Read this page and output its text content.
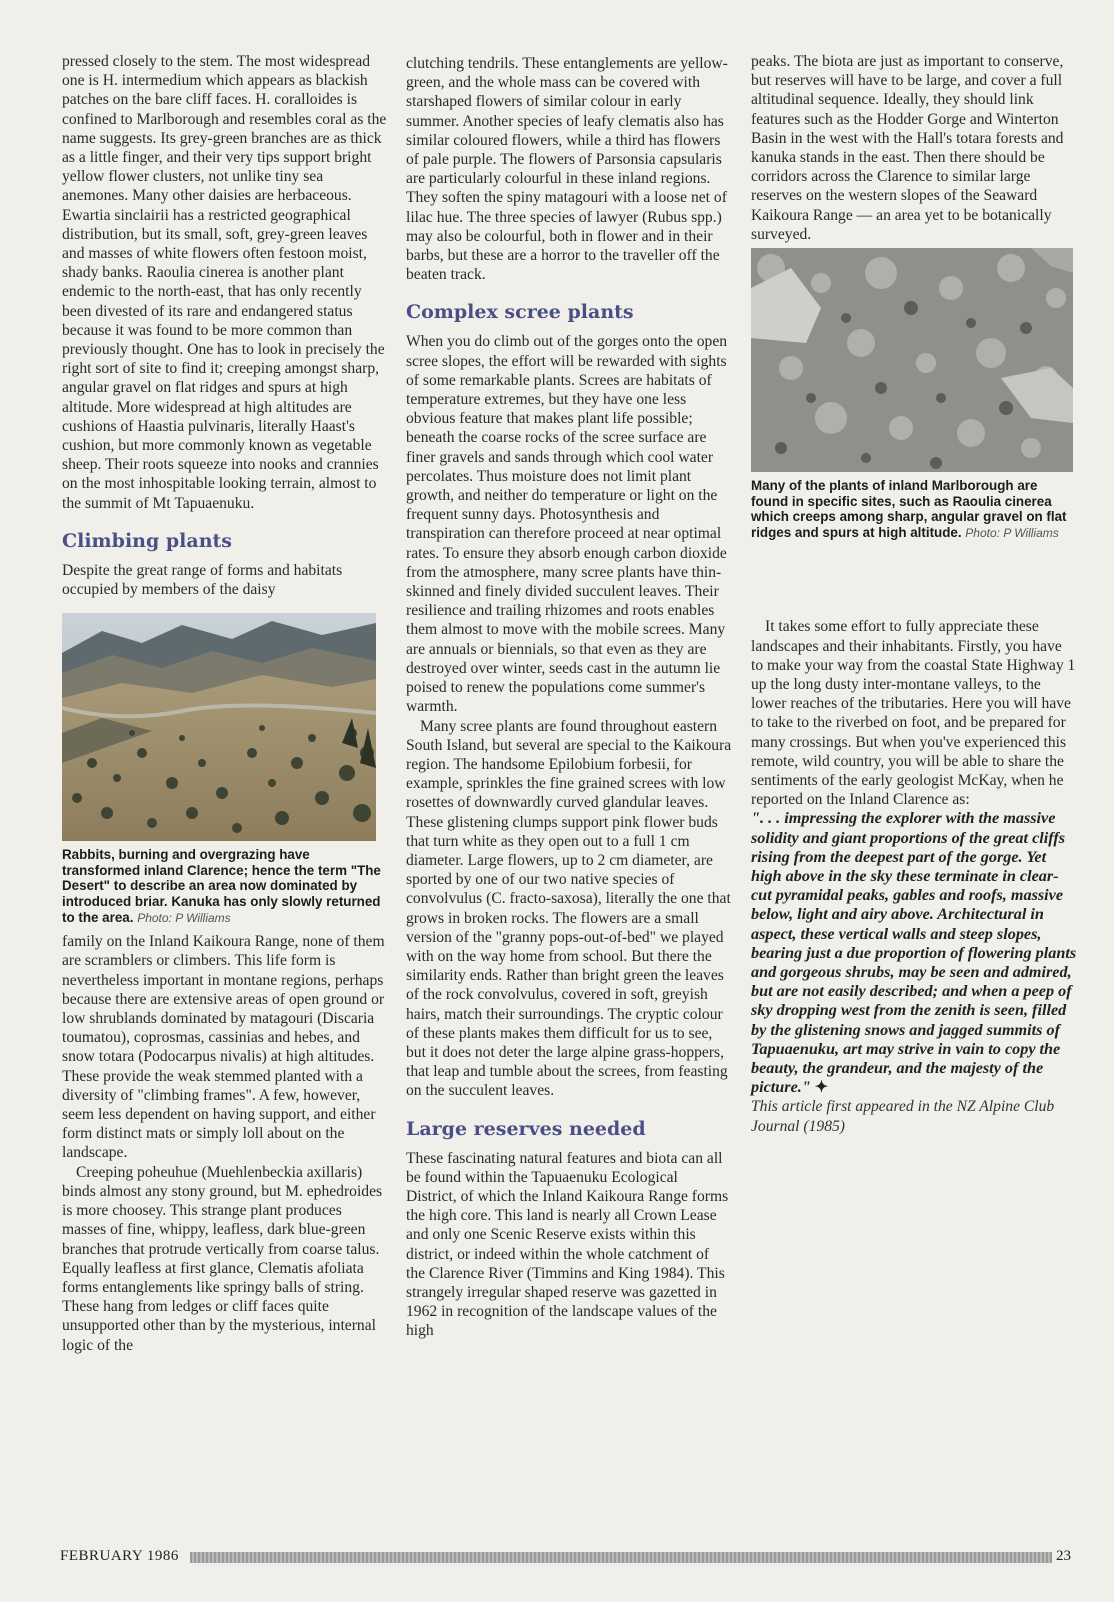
pressed closely to the stem. The most widespread one is H. intermedium which appears as blackish patches on the bare cliff faces. H. coralloides is confined to Marlborough and resembles coral as the name suggests. Its grey-green branches are as thick as a little finger, and their very tips support bright yellow flower clusters, not unlike tiny sea anemones. Many other daisies are herbaceous. Ewartia sinclairii has a restricted geographical distribution, but its small, soft, grey-green leaves and masses of white flowers often festoon moist, shady banks. Raoulia cinerea is another plant endemic to the north-east, that has only recently been divested of its rare and endangered status because it was found to be more common than previously thought. One has to look in precisely the right sort of site to find it; creeping amongst sharp, angular gravel on flat ridges and spurs at high altitude. More widespread at high altitudes are cushions of Haastia pulvinaris, literally Haast's cushion, but more commonly known as vegetable sheep. Their roots squeeze into nooks and crannies on the most inhospitable looking terrain, almost to the summit of Mt Tapuaenuku.

Climbing plants

Despite the great range of forms and habitats occupied by members of the daisy

Rabbits, burning and overgrazing have transformed inland Clarence; hence the term "The Desert" to describe an area now dominated by introduced briar. Kanuka has only slowly returned to the area. Photo: P Williams

family on the Inland Kaikoura Range, none of them are scramblers or climbers. This life form is nevertheless important in montane regions, perhaps because there are extensive areas of open ground or low shrublands dominated by matagouri (Discaria toumatou), coprosmas, cassinias and hebes, and snow totara (Podocarpus nivalis) at high altitudes. These provide the weak stemmed planted with a diversity of "climbing frames". A few, however, seem less dependent on having support, and either form distinct mats or simply loll about on the landscape.

Creeping poheuhue (Muehlenbeckia axillaris) binds almost any stony ground, but M. ephedroides is more choosey. This strange plant produces masses of fine, whippy, leafless, dark blue-green branches that protrude vertically from coarse talus. Equally leafless at first glance, Clematis afoliata forms entanglements like springy balls of string. These hang from ledges or cliff faces quite unsupported other than by the mysterious, internal logic of the

clutching tendrils. These entanglements are yellow-green, and the whole mass can be covered with starshaped flowers of similar colour in early summer. Another species of leafy clematis also has similar coloured flowers, while a third has flowers of pale purple. The flowers of Parsonsia capsularis are particularly colourful in these inland regions. They soften the spiny matagouri with a loose net of lilac hue. The three species of lawyer (Rubus spp.) may also be colourful, both in flower and in their barbs, but these are a horror to the traveller off the beaten track.

Complex scree plants

When you do climb out of the gorges onto the open scree slopes, the effort will be rewarded with sights of some remarkable plants. Screes are habitats of temperature extremes, but they have one less obvious feature that makes plant life possible; beneath the coarse rocks of the scree surface are finer gravels and sands through which cool water percolates. Thus moisture does not limit plant growth, and neither do temperature or light on the frequent sunny days. Photosynthesis and transpiration can therefore proceed at near optimal rates. To ensure they absorb enough carbon dioxide from the atmosphere, many scree plants have thin-skinned and finely divided succulent leaves. Their resilience and trailing rhizomes and roots enables them almost to move with the mobile screes. Many are annuals or biennials, so that even as they are destroyed over winter, seeds cast in the autumn lie poised to renew the populations come summer's warmth.

Many scree plants are found throughout eastern South Island, but several are special to the Kaikoura region. The handsome Epilobium forbesii, for example, sprinkles the fine grained screes with low rosettes of downwardly curved glandular leaves. These glistening clumps support pink flower buds that turn white as they open out to a full 1 cm diameter. Large flowers, up to 2 cm diameter, are sported by one of our two native species of convolvulus (C. fracto-saxosa), literally the one that grows in broken rocks. The flowers are a small version of the "granny pops-out-of-bed" we played with on the way home from school. But there the similarity ends. Rather than bright green the leaves of the rock convolvulus, covered in soft, greyish hairs, match their surroundings. The cryptic colour of these plants makes them difficult for us to see, but it does not deter the large alpine grass-hoppers, that leap and tumble about the screes, from feasting on the succulent leaves.

Large reserves needed

These fascinating natural features and biota can all be found within the Tapuaenuku Ecological District, of which the Inland Kaikoura Range forms the high core. This land is nearly all Crown Lease and only one Scenic Reserve exists within this district, or indeed within the whole catchment of the Clarence River (Timmins and King 1984). This strangely irregular shaped reserve was gazetted in 1962 in recognition of the landscape values of the high

peaks. The biota are just as important to conserve, but reserves will have to be large, and cover a full altitudinal sequence. Ideally, they should link features such as the Hodder Gorge and Winterton Basin in the west with the Hall's totara forests and kanuka stands in the east. Then there should be corridors across the Clarence to similar large reserves on the western slopes of the Seaward Kaikoura Range — an area yet to be botanically surveyed.

Many of the plants of inland Marlborough are found in specific sites, such as Raoulia cinerea which creeps among sharp, angular gravel on flat ridges and spurs at high altitude. Photo: P Williams

It takes some effort to fully appreciate these landscapes and their inhabitants. Firstly, you have to make your way from the coastal State Highway 1 up the long dusty inter-montane valleys, to the lower reaches of the tributaries. Here you will have to take to the riverbed on foot, and be prepared for many crossings. But when you've experienced this remote, wild country, you will be able to share the sentiments of the early geologist McKay, when he reported on the Inland Clarence as:

". . . impressing the explorer with the massive solidity and giant proportions of the great cliffs rising from the deepest part of the gorge. Yet high above in the sky these terminate in clear-cut pyramidal peaks, gables and roofs, massive below, light and airy above. Architectural in aspect, these vertical walls and steep slopes, bearing just a due proportion of flowering plants and gorgeous shrubs, may be seen and admired, but are not easily described; and when a peep of sky dropping west from the zenith is seen, filled by the glistening snows and jagged summits of Tapuaenuku, art may strive in vain to copy the beauty, the grandeur, and the majesty of the picture." ✦

This article first appeared in the NZ Alpine Club Journal (1985)

FEBRUARY 1986	23
